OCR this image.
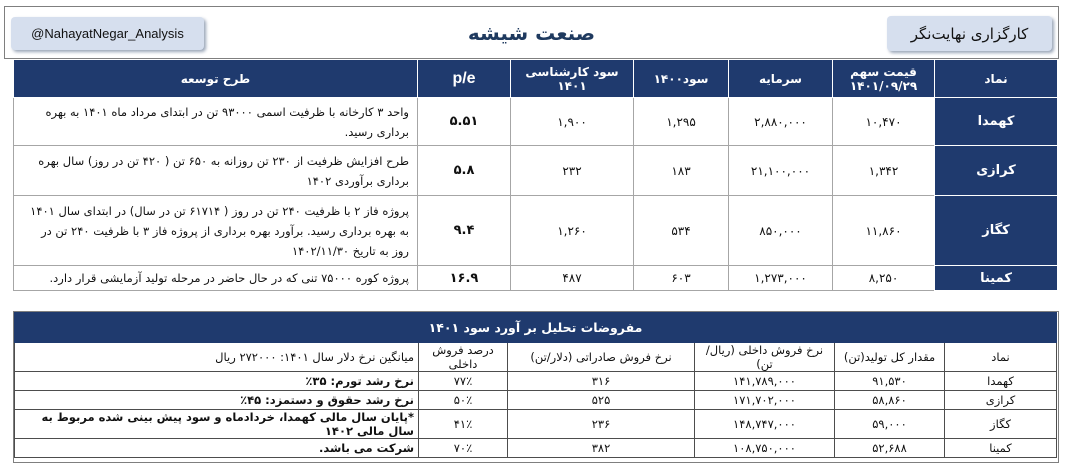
@NahayatNegar_Analysis	صنعت شیشه	کارگزاری نهایت‌نگر
نماد	قیمت سهم ۱۴۰۱/۰۹/۲۹	سرمایه	سود۱۴۰۰	سود کارشناسی ۱۴۰۱	p/e	طرح توسعه
کهمدا	۱۰,۴۷۰	۲,۸۸۰,۰۰۰	۱,۲۹۵	۱,۹۰۰	۵.۵۱	واحد ۳ کارخانه با ظرفیت اسمی ۹۳۰۰۰ تن در ابتدای مرداد ماه ۱۴۰۱ به بهره برداری رسید.
کرازی	۱,۳۴۲	۲۱,۱۰۰,۰۰۰	۱۸۳	۲۳۲	۵.۸	طرح افزایش ظرفیت از ۲۳۰ تن روزانه به ۶۵۰ تن ( ۴۲۰ تن در روز) سال بهره برداری برآوردی ۱۴۰۲
کگاز	۱۱,۸۶۰	۸۵۰,۰۰۰	۵۳۴	۱,۲۶۰	۹.۴	پروژه فاز ۲ با ظرفیت ۲۴۰ تن در روز ( ۶۱۷۱۴ تن در سال) در ابتدای سال ۱۴۰۱ به بهره برداری رسید. برآورد بهره برداری از پروژه فاز ۳ با ظرفیت ۲۴۰ تن در روز به تاریخ ۱۴۰۲/۱۱/۳۰
کمینا	۸,۲۵۰	۱,۲۷۳,۰۰۰	۶۰۳	۴۸۷	۱۶.۹	پروژه کوره ۷۵۰۰۰ تنی که در حال حاضر در مرحله تولید آزمایشی قرار دارد.
مفروضات تحلیل بر آورد سود ۱۴۰۱					
نماد	مقدار کل تولید(تن)	نرخ فروش داخلی (ریال/تن)	نرخ فروش صادراتی (دلار/تن)	درصد فروش داخلی	میانگین نرخ دلار سال ۱۴۰۱: ۲۷۲۰۰۰ ریال
کهمدا	۹۱,۵۳۰	۱۴۱,۷۸۹,۰۰۰	۳۱۶	۷۷٪	نرخ رشد تورم: ۳۵٪
کرازی	۵۸,۸۶۰	۱۷۱,۷۰۲,۰۰۰	۵۲۵	۵۰٪	نرخ رشد حقوق و دستمزد: ۴۵٪
کگاز	۵۹,۰۰۰	۱۴۸,۷۴۷,۰۰۰	۲۳۶	۴۱٪	*پایان سال مالی کهمدا، خردادماه و سود پیش بینی شده مربوط به سال مالی ۱۴۰۲
کمینا	۵۲,۶۸۸	۱۰۸,۷۵۰,۰۰۰	۳۸۲	۷۰٪	شرکت می باشد.
